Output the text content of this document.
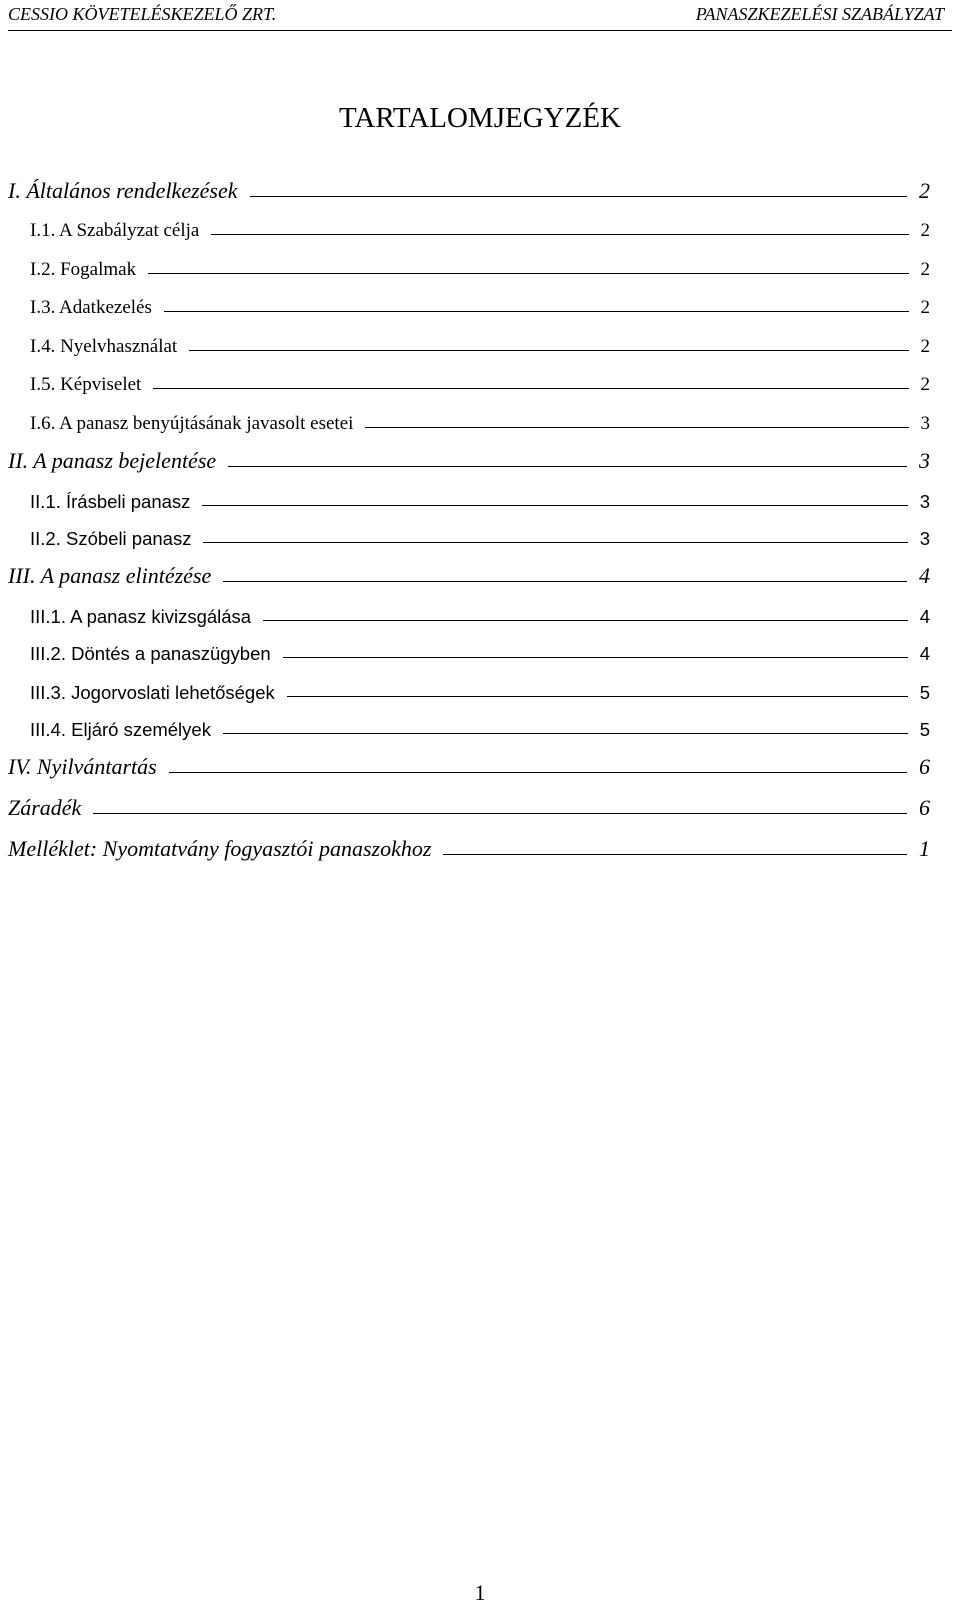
CESSIO KÖVETELÉSKEZELŐ ZRT.	PANASZKEZELÉSI SZABÁLYZAT
TARTALOMJEGYZÉK
I. Általános rendelkezések	2
I.1. A Szabályzat célja	2
I.2. Fogalmak	2
I.3. Adatkezelés	2
I.4. Nyelvhasználat	2
I.5. Képviselet	2
I.6. A panasz benyújtásának javasolt esetei	3
II. A panasz bejelentése	3
II.1. Írásbeli panasz	3
II.2. Szóbeli panasz	3
III. A panasz elintézése	4
III.1. A panasz kivizsgálása	4
III.2. Döntés a panaszügyben	4
III.3. Jogorvoslati lehetőségek	5
III.4. Eljáró személyek	5
IV. Nyilvántartás	6
Záradék	6
Melléklet: Nyomtatvány fogyasztói panaszokhoz	1
1
